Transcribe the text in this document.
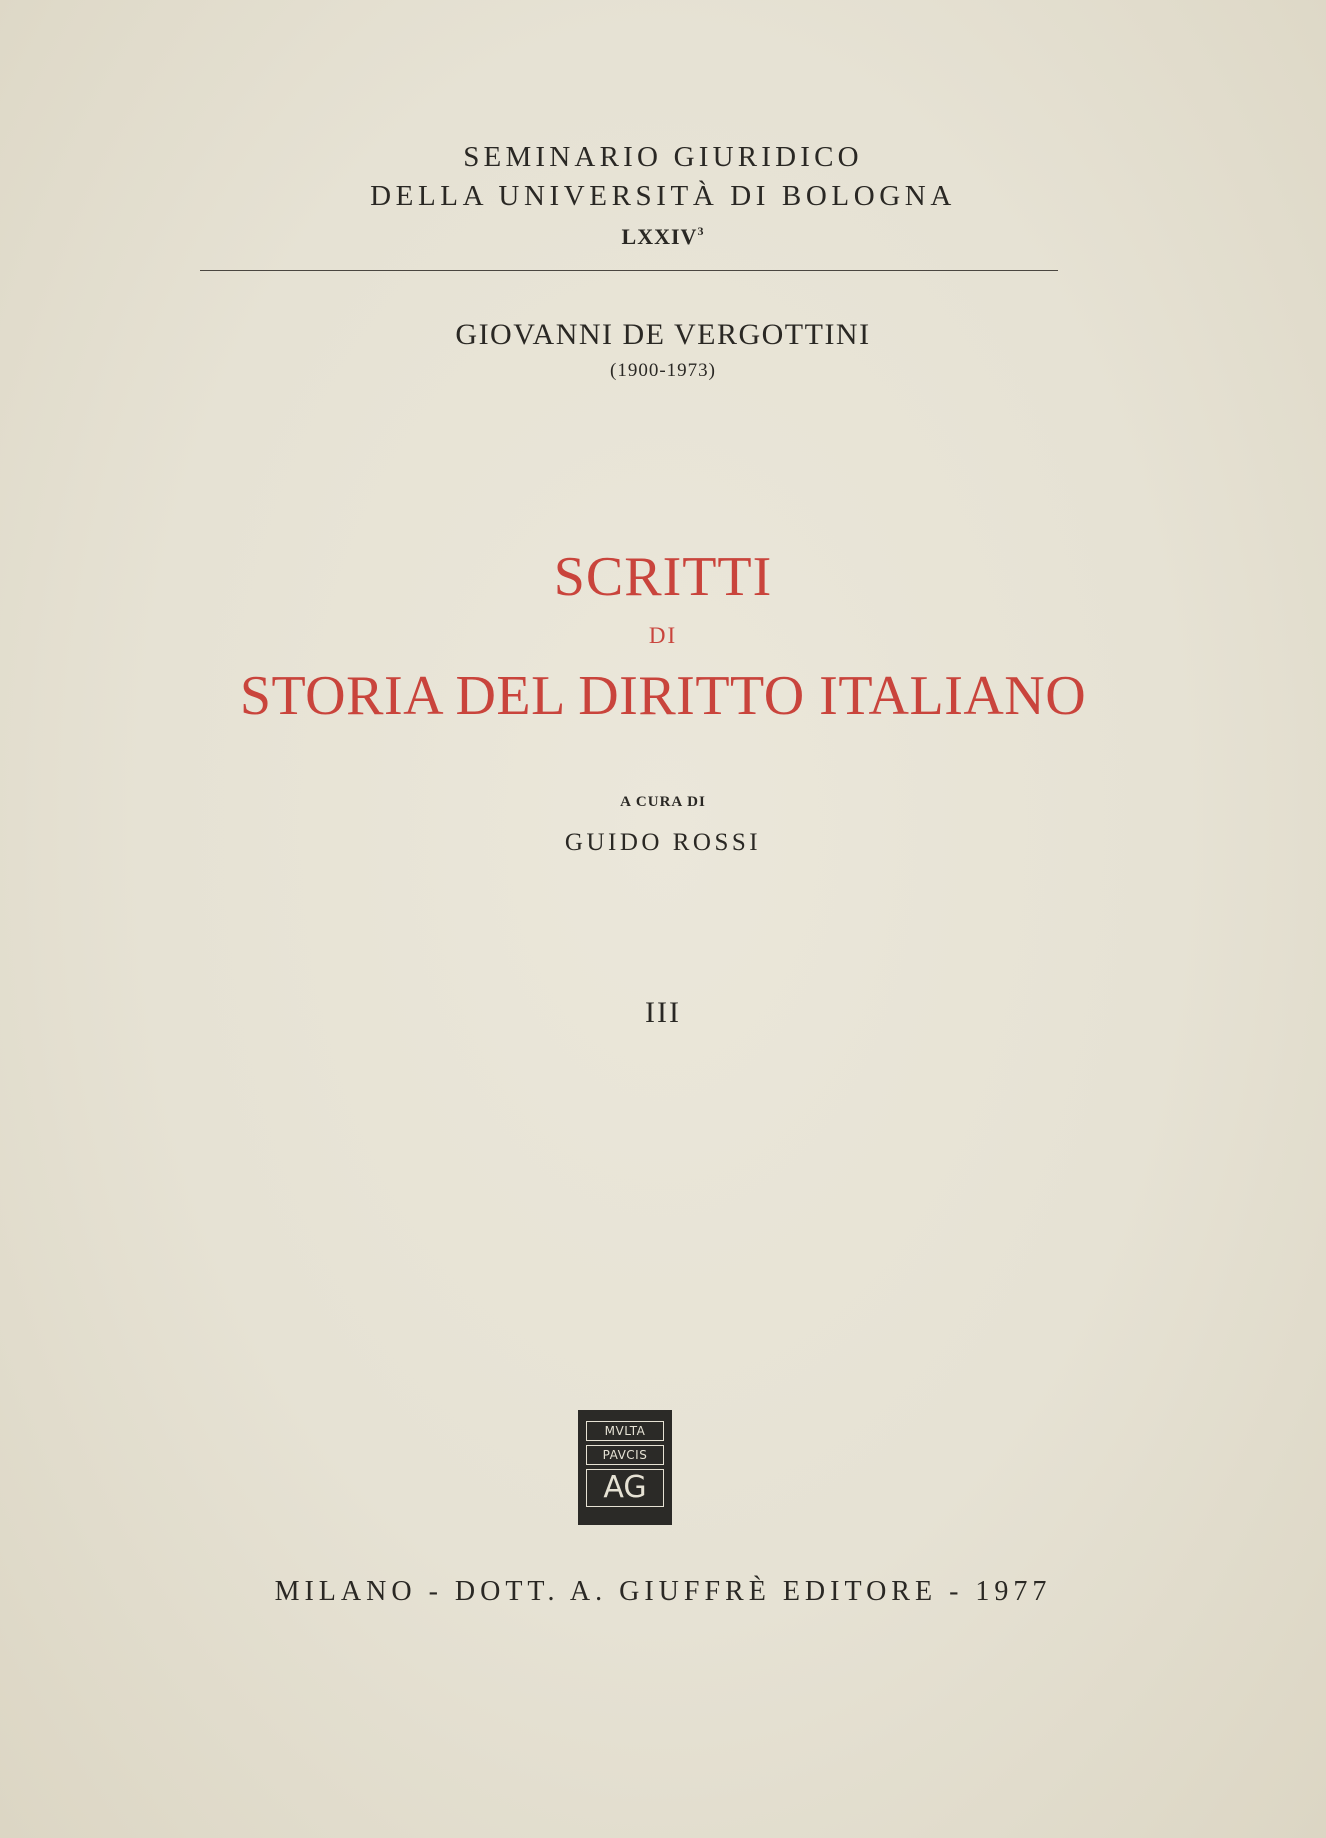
SEMINARIO GIURIDICO
DELLA UNIVERSITÀ DI BOLOGNA
LXXIV$^3$
GIOVANNI DE VERGOTTINI
(1900-1973)
SCRITTI
DI
STORIA DEL DIRITTO ITALIANO
A CURA DI
GUIDO ROSSI
III
MVLTA
PAVCIS
AG
MILANO - DOTT. A. GIUFFRÈ EDITORE - 1977
